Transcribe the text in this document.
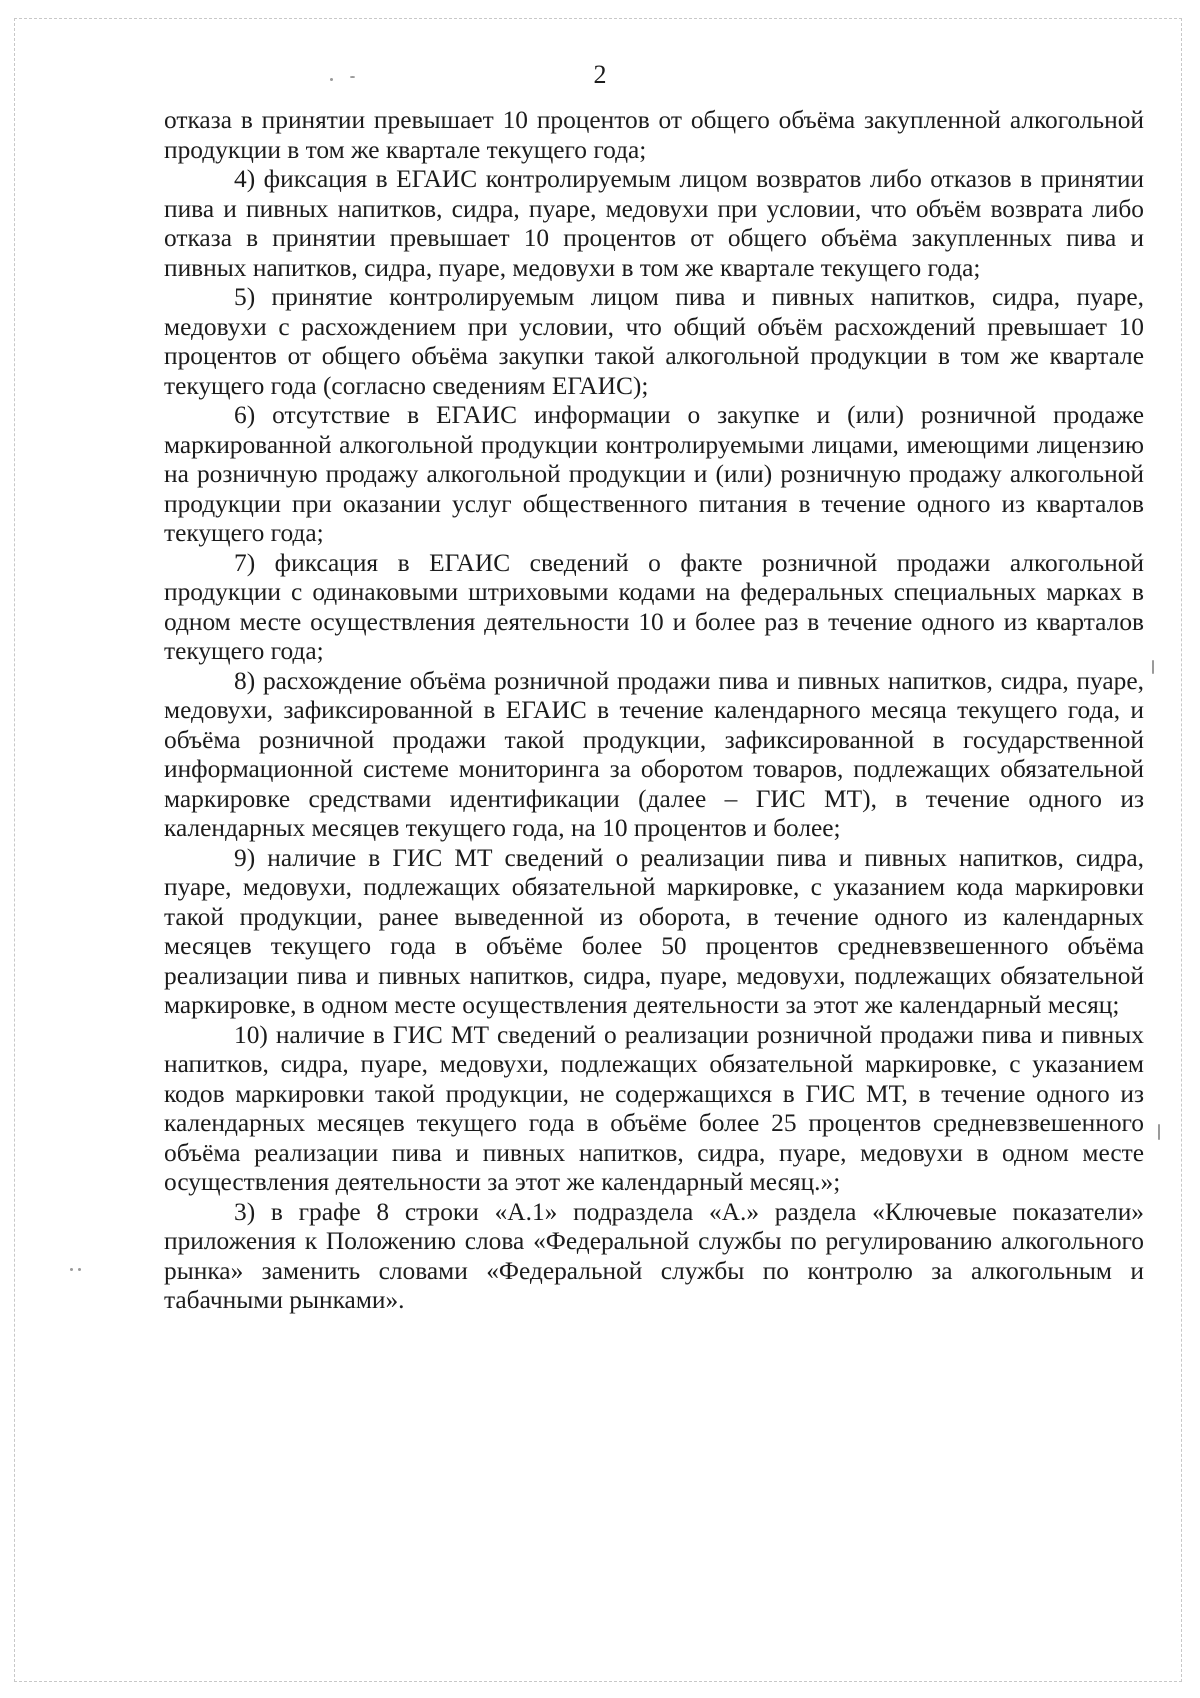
2

отказа в принятии превышает 10 процентов от общего объёма закупленной алкогольной продукции в том же квартале текущего года;

4) фиксация в ЕГАИС контролируемым лицом возвратов либо отказов в принятии пива и пивных напитков, сидра, пуаре, медовухи при условии, что объём возврата либо отказа в принятии превышает 10 процентов от общего объёма закупленных пива и пивных напитков, сидра, пуаре, медовухи в том же квартале текущего года;

5) принятие контролируемым лицом пива и пивных напитков, сидра, пуаре, медовухи с расхождением при условии, что общий объём расхождений превышает 10 процентов от общего объёма закупки такой алкогольной продукции в том же квартале текущего года (согласно сведениям ЕГАИС);

6) отсутствие в ЕГАИС информации о закупке и (или) розничной продаже маркированной алкогольной продукции контролируемыми лицами, имеющими лицензию на розничную продажу алкогольной продукции и (или) розничную продажу алкогольной продукции при оказании услуг общественного питания в течение одного из кварталов текущего года;

7) фиксация в ЕГАИС сведений о факте розничной продажи алкогольной продукции с одинаковыми штриховыми кодами на федеральных специальных марках в одном месте осуществления деятельности 10 и более раз в течение одного из кварталов текущего года;

8) расхождение объёма розничной продажи пива и пивных напитков, сидра, пуаре, медовухи, зафиксированной в ЕГАИС в течение календарного месяца текущего года, и объёма розничной продажи такой продукции, зафиксированной в государственной информационной системе мониторинга за оборотом товаров, подлежащих обязательной маркировке средствами идентификации (далее – ГИС МТ), в течение одного из календарных месяцев текущего года, на 10 процентов и более;

9) наличие в ГИС МТ сведений о реализации пива и пивных напитков, сидра, пуаре, медовухи, подлежащих обязательной маркировке, с указанием кода маркировки такой продукции, ранее выведенной из оборота, в течение одного из календарных месяцев текущего года в объёме более 50 процентов средневзвешенного объёма реализации пива и пивных напитков, сидра, пуаре, медовухи, подлежащих обязательной маркировке, в одном месте осуществления деятельности за этот же календарный месяц;

10) наличие в ГИС МТ сведений о реализации розничной продажи пива и пивных напитков, сидра, пуаре, медовухи, подлежащих обязательной маркировке, с указанием кодов маркировки такой продукции, не содержащихся в ГИС МТ, в течение одного из календарных месяцев текущего года в объёме более 25 процентов средневзвешенного объёма реализации пива и пивных напитков, сидра, пуаре, медовухи в одном месте осуществления деятельности за этот же календарный месяц.»;

3) в графе 8 строки «А.1» подраздела «А.» раздела «Ключевые показатели» приложения к Положению слова «Федеральной службы по регулированию алкогольного рынка» заменить словами «Федеральной службы по контролю за алкогольным и табачными рынками».
